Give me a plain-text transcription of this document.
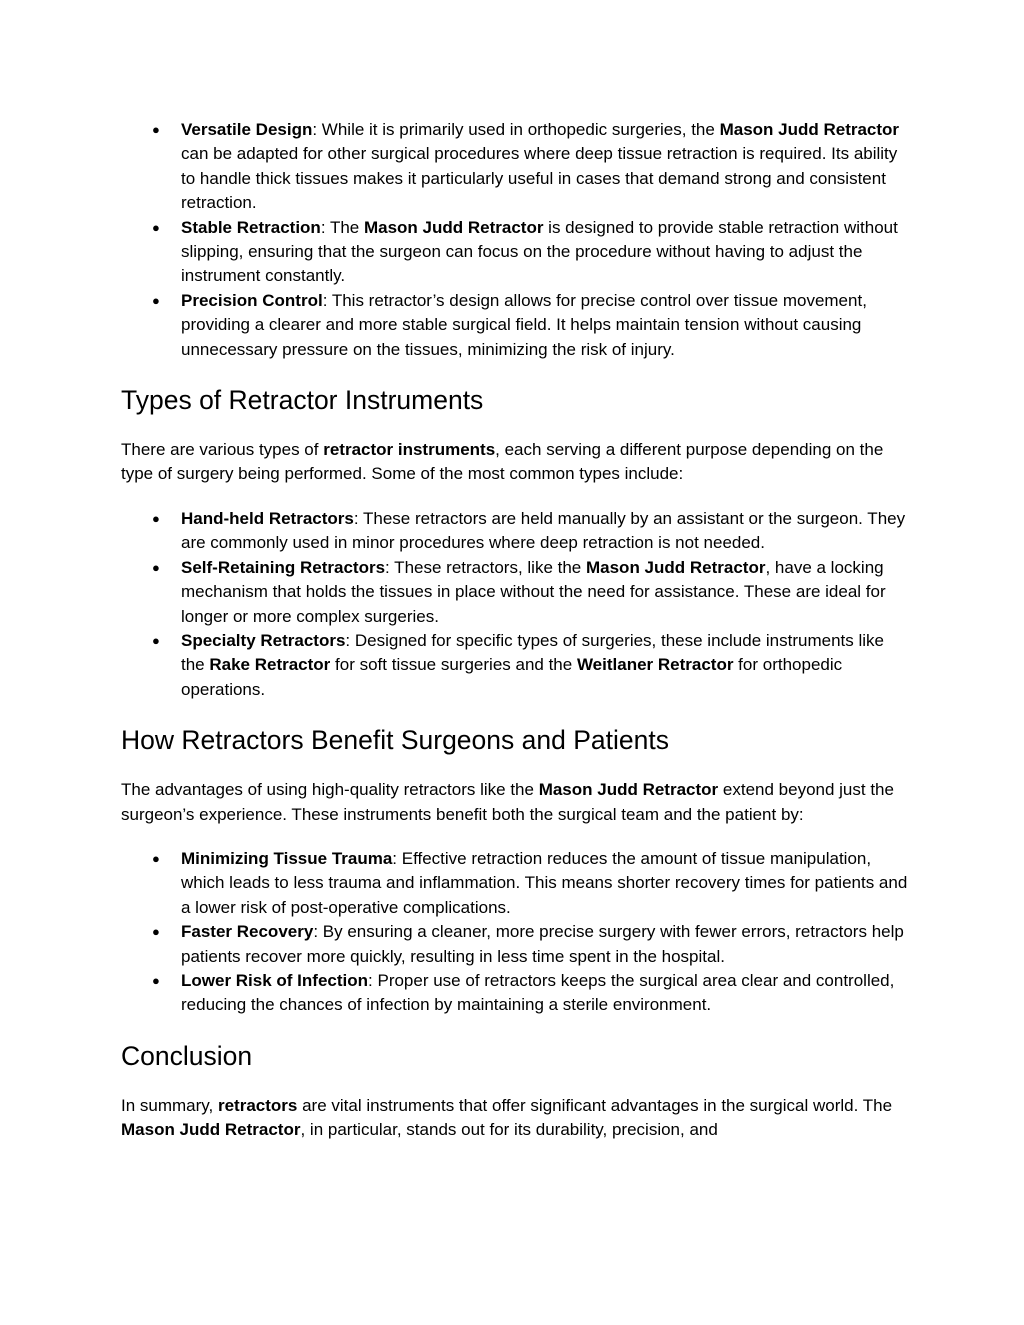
● Versatile Design: While it is primarily used in orthopedic surgeries, the Mason Judd Retractor can be adapted for other surgical procedures where deep tissue retraction is required. Its ability to handle thick tissues makes it particularly useful in cases that demand strong and consistent retraction.
● Stable Retraction: The Mason Judd Retractor is designed to provide stable retraction without slipping, ensuring that the surgeon can focus on the procedure without having to adjust the instrument constantly.
● Precision Control: This retractor’s design allows for precise control over tissue movement, providing a clearer and more stable surgical field. It helps maintain tension without causing unnecessary pressure on the tissues, minimizing the risk of injury.
Types of Retractor Instruments

There are various types of retractor instruments, each serving a different purpose depending on the type of surgery being performed. Some of the most common types include:

● Hand-held Retractors: These retractors are held manually by an assistant or the surgeon. They are commonly used in minor procedures where deep retraction is not needed.
● Self-Retaining Retractors: These retractors, like the Mason Judd Retractor, have a locking mechanism that holds the tissues in place without the need for assistance. These are ideal for longer or more complex surgeries.
● Specialty Retractors: Designed for specific types of surgeries, these include instruments like the Rake Retractor for soft tissue surgeries and the Weitlaner Retractor for orthopedic operations.
How Retractors Benefit Surgeons and Patients

The advantages of using high-quality retractors like the Mason Judd Retractor extend beyond just the surgeon’s experience. These instruments benefit both the surgical team and the patient by:

● Minimizing Tissue Trauma: Effective retraction reduces the amount of tissue manipulation, which leads to less trauma and inflammation. This means shorter recovery times for patients and a lower risk of post-operative complications.
● Faster Recovery: By ensuring a cleaner, more precise surgery with fewer errors, retractors help patients recover more quickly, resulting in less time spent in the hospital.
● Lower Risk of Infection: Proper use of retractors keeps the surgical area clear and controlled, reducing the chances of infection by maintaining a sterile environment.
Conclusion

In summary, retractors are vital instruments that offer significant advantages in the surgical world. The Mason Judd Retractor, in particular, stands out for its durability, precision, and
